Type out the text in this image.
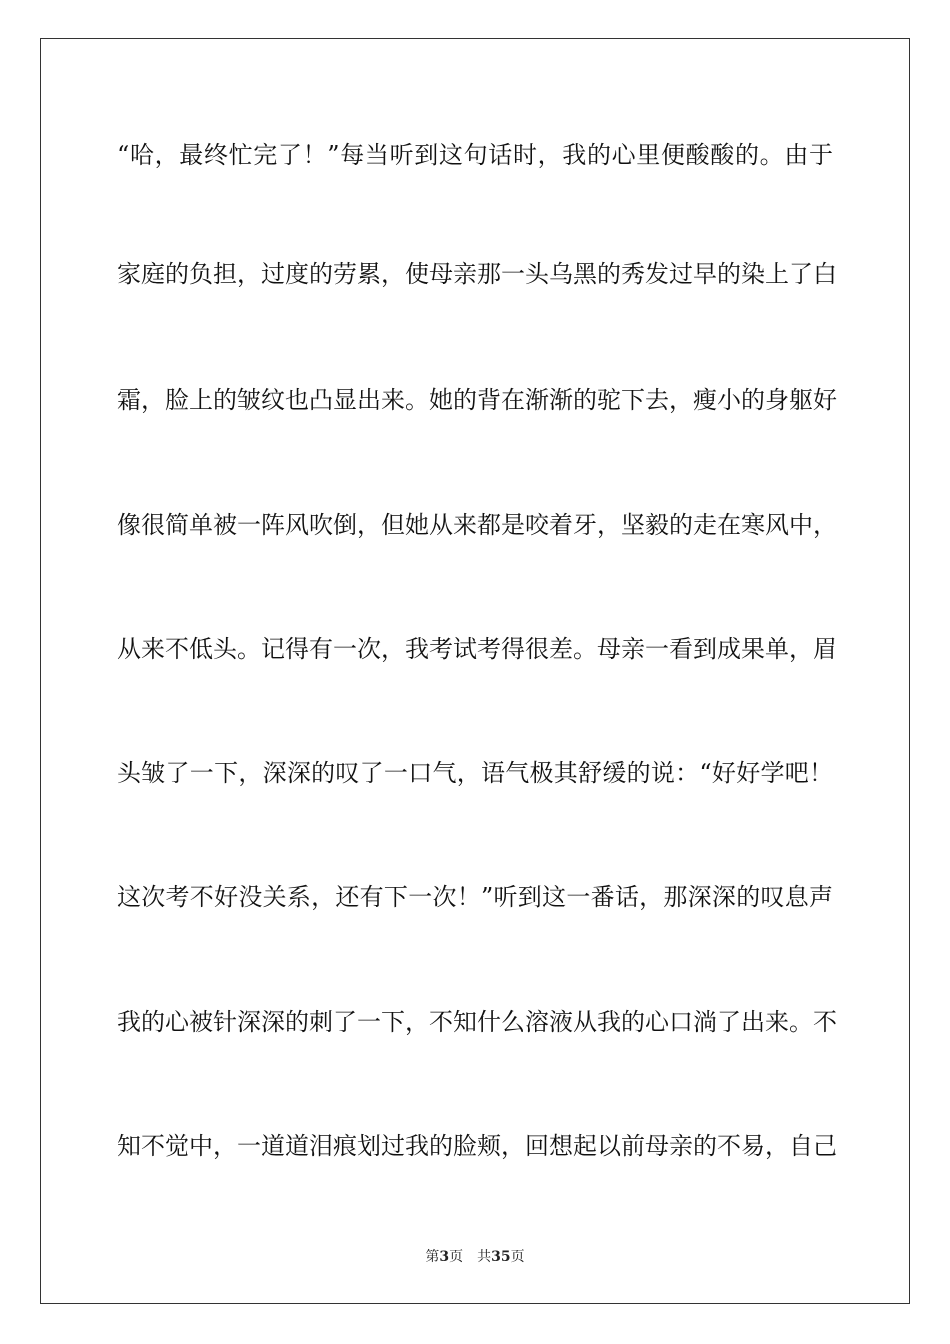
“哈，最终忙完了！”每当听到这句话时，我的心里便酸酸的。由于
家庭的负担，过度的劳累，使母亲那一头乌黑的秀发过早的染上了白
霜，脸上的皱纹也凸显出来。她的背在渐渐的驼下去，瘦小的身躯好
像很简单被一阵风吹倒，但她从来都是咬着牙，坚毅的走在寒风中，
从来不低头。记得有一次，我考试考得很差。母亲一看到成果单，眉
头皱了一下，深深的叹了一口气，语气极其舒缓的说：“好好学吧！
这次考不好没关系，还有下一次！”听到这一番话，那深深的叹息声
我的心被针深深的刺了一下，不知什么溶液从我的心口淌了出来。不
知不觉中，一道道泪痕划过我的脸颊，回想起以前母亲的不易，自己
第3页 共35页
